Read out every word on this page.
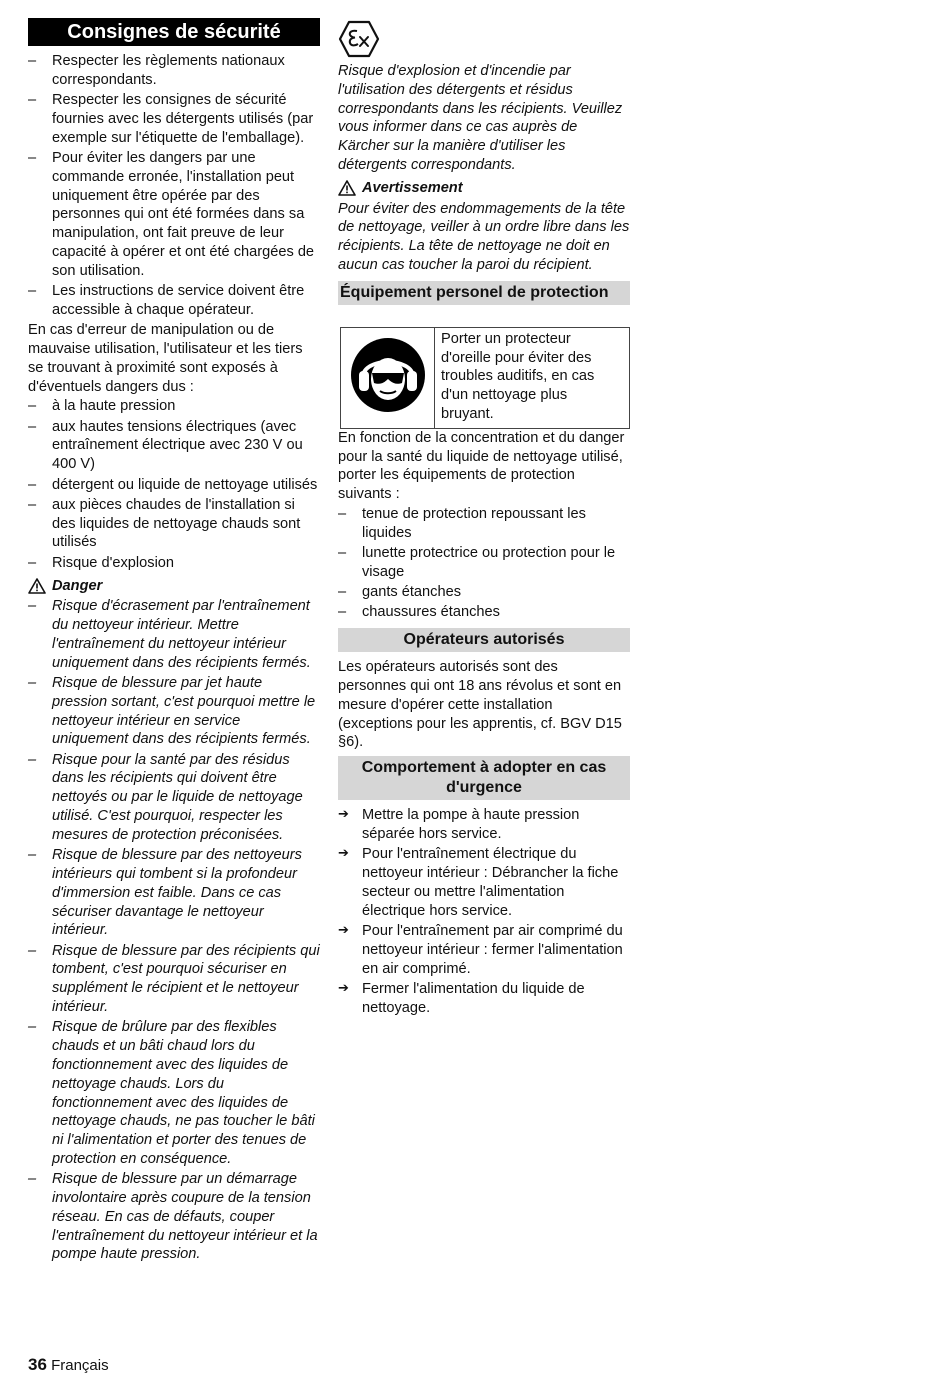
Consignes de sécurité
– Respecter les règlements nationaux correspondants.
– Respecter les consignes de sécurité fournies avec les détergents utilisés (par exemple sur l'étiquette de l'emballage).
– Pour éviter les dangers par une commande erronée, l'installation peut uniquement être opérée par des personnes qui ont été formées dans sa manipulation, ont fait preuve de leur capacité à opérer et ont été chargées de son utilisation.
– Les instructions de service doivent être accessible à chaque opérateur.

En cas d'erreur de manipulation ou de mauvaise utilisation, l'utilisateur et les tiers se trouvant à proximité sont exposés à d'éventuels dangers dus :

– à la haute pression
– aux hautes tensions électriques (avec entraînement électrique avec 230 V ou 400 V)
– détergent ou liquide de nettoyage utilisés
– aux pièces chaudes de l'installation si des liquides de nettoyage chauds sont utilisés
– Risque d'explosion
Danger
– Risque d'écrasement par l'entraînement du nettoyeur intérieur. Mettre l'entraînement du nettoyeur intérieur uniquement dans des récipients fermés.
– Risque de blessure par jet haute pression sortant, c'est pourquoi mettre le nettoyeur intérieur en service uniquement dans des récipients fermés.
– Risque pour la santé par des résidus dans les récipients qui doivent être nettoyés ou par le liquide de nettoyage utilisé. C'est pourquoi, respecter les mesures de protection préconisées.
– Risque de blessure par des nettoyeurs intérieurs qui tombent si la profondeur d'immersion est faible. Dans ce cas sécuriser davantage le nettoyeur intérieur.
– Risque de blessure par des récipients qui tombent, c'est pourquoi sécuriser en supplément le récipient et le nettoyeur intérieur.
– Risque de brûlure par des flexibles chauds et un bâti chaud lors du fonctionnement avec des liquides de nettoyage chauds. Lors du fonctionnement avec des liquides de nettoyage chauds, ne pas toucher le bâti ni l'alimentation et porter des tenues de protection en conséquence.
– Risque de blessure par un démarrage involontaire après coupure de la tension réseau. En cas de défauts, couper l'entraînement du nettoyeur intérieur et la pompe haute pression.

Risque d'explosion et d'incendie par l'utilisation des détergents et résidus correspondants dans les récipients. Veuillez vous informer dans ce cas auprès de Kärcher sur la manière d'utiliser les détergents correspondants.

Avertissement

Pour éviter des endommagements de la tête de nettoyage, veiller à un ordre libre dans les récipients. La tête de nettoyage ne doit en aucun cas toucher la paroi du récipient.

Équipement personel de protection
	Porter un protecteur d'oreille pour éviter des troubles auditifs, en cas d'un nettoyage plus bruyant.

En fonction de la concentration et du danger pour la santé du liquide de nettoyage utilisé, porter les équipements de protection suivants :

– tenue de protection repoussant les liquides
– lunette protectrice ou protection pour le visage
– gants étanches
– chaussures étanches
Opérateurs autorisés

Les opérateurs autorisés sont des personnes qui ont 18 ans révolus et sont en mesure d'opérer cette installation (exceptions pour les apprentis, cf. BGV D15 §6).

Comportement à adopter en cas d'urgence
➔ Mettre la pompe à haute pression séparée hors service.
➔ Pour l'entraînement électrique du nettoyeur intérieur : Débrancher la fiche secteur ou mettre l'alimentation électrique hors service.
➔ Pour l'entraînement par air comprimé du nettoyeur intérieur : fermer l'alimentation en air comprimé.
➔ Fermer l'alimentation du liquide de nettoyage.
36 Français
